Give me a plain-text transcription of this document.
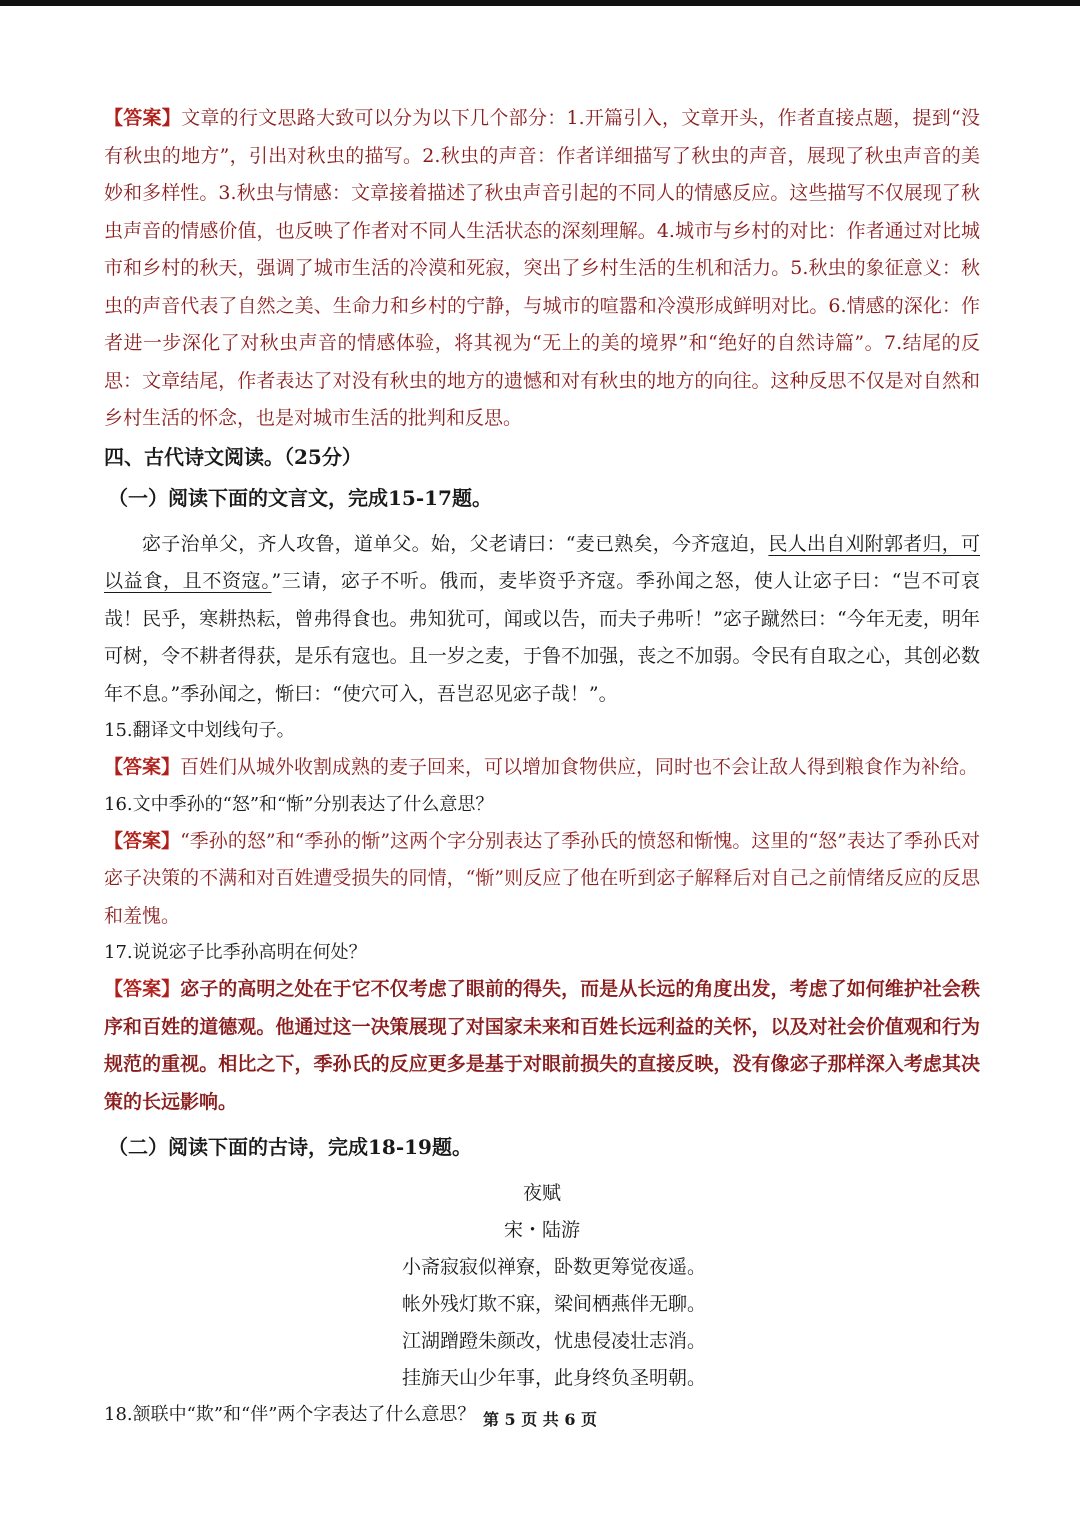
【答案】文章的行文思路大致可以分为以下几个部分：1.开篇引入，文章开头，作者直接点题，提到“没有秋虫的地方”，引出对秋虫的描写。2.秋虫的声音：作者详细描写了秋虫的声音，展现了秋虫声音的美妙和多样性。3.秋虫与情感：文章接着描述了秋虫声音引起的不同人的情感反应。这些描写不仅展现了秋虫声音的情感价值，也反映了作者对不同人生活状态的深刻理解。4.城市与乡村的对比：作者通过对比城市和乡村的秋天，强调了城市生活的冷漠和死寂，突出了乡村生活的生机和活力。5.秋虫的象征意义：秋虫的声音代表了自然之美、生命力和乡村的宁静，与城市的喧嚣和冷漠形成鲜明对比。6.情感的深化：作者进一步深化了对秋虫声音的情感体验，将其视为“无上的美的境界”和“绝好的自然诗篇”。7.结尾的反思：文章结尾，作者表达了对没有秋虫的地方的遗憾和对有秋虫的地方的向往。这种反思不仅是对自然和乡村生活的怀念，也是对城市生活的批判和反思。

四、古代诗文阅读。（25分）

（一）阅读下面的文言文，完成15-17题。

宓子治单父，齐人攻鲁，道单父。始，父老请曰：“麦已熟矣，今齐寇迫，民人出自刈附郭者归，可以益食，且不资寇。”三请，宓子不听。俄而，麦毕资乎齐寇。季孙闻之怒，使人让宓子曰：“岂不可哀哉！民乎，寒耕热耘，曾弗得食也。弗知犹可，闻或以告，而夫子弗听！”宓子蹴然曰：“今年无麦，明年可树，令不耕者得获，是乐有寇也。且一岁之麦，于鲁不加强，丧之不加弱。令民有自取之心，其创必数年不息。”季孙闻之，惭曰：“使穴可入，吾岂忍见宓子哉！”。

15.翻译文中划线句子。

【答案】百姓们从城外收割成熟的麦子回来，可以增加食物供应，同时也不会让敌人得到粮食作为补给。

16.文中季孙的“怒”和“惭”分别表达了什么意思？

【答案】“季孙的怒”和“季孙的惭”这两个字分别表达了季孙氏的愤怒和惭愧。这里的“怒”表达了季孙氏对宓子决策的不满和对百姓遭受损失的同情，“惭”则反应了他在听到宓子解释后对自己之前情绪反应的反思和羞愧。

17.说说宓子比季孙高明在何处？

【答案】宓子的高明之处在于它不仅考虑了眼前的得失，而是从长远的角度出发，考虑了如何维护社会秩序和百姓的道德观。他通过这一决策展现了对国家未来和百姓长远利益的关怀，以及对社会价值观和行为规范的重视。相比之下，季孙氏的反应更多是基于对眼前损失的直接反映，没有像宓子那样深入考虑其决策的长远影响。

（二）阅读下面的古诗，完成18-19题。

夜赋

宋・陆游

小斋寂寂似禅寮，卧数更筹觉夜遥。

帐外残灯欺不寐，梁间栖燕伴无聊。

江湖蹭蹬朱颜改，忧患侵凌壮志消。

挂旆天山少年事，此身终负圣明朝。

18.颔联中“欺”和“伴”两个字表达了什么意思？ 第 5 页 共 6 页
